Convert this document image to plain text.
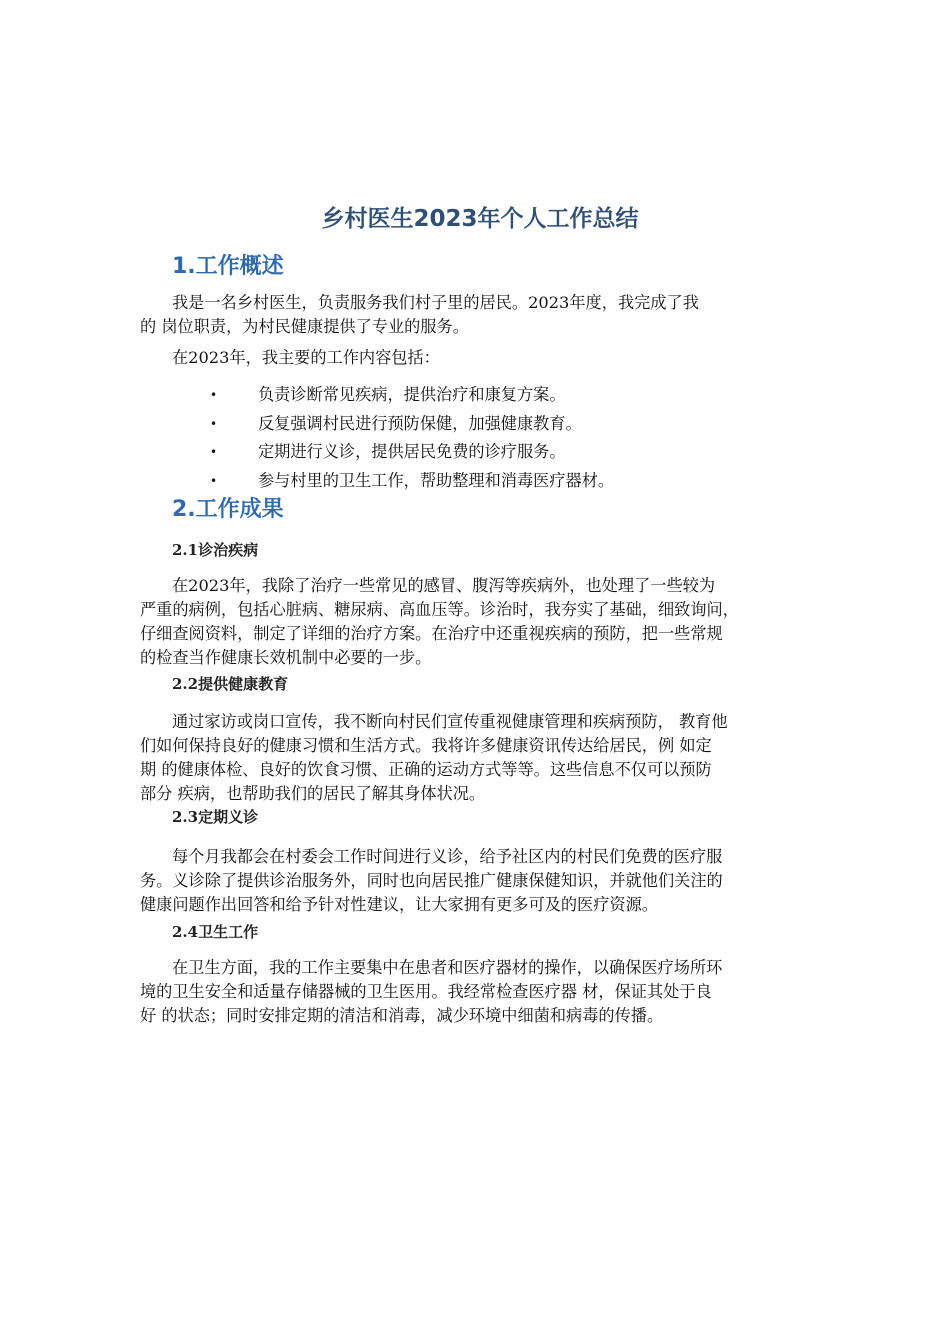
乡村医生2023年个人工作总结
1.工作概述

我是一名乡村医生，负责服务我们村子里的居民。2023年度，我完成了我
的 岗位职责，为村民健康提供了专业的服务。

在2023年，我主要的工作内容包括：

•	负责诊断常见疾病，提供治疗和康复方案。
•	反复强调村民进行预防保健，加强健康教育。
•	定期进行义诊，提供居民免费的诊疗服务。
•	参与村里的卫生工作，帮助整理和消毒医疗器材。
2.工作成果
2.1诊治疾病

在2023年，我除了治疗一些常见的感冒、腹泻等疾病外，也处理了一些较为
严重的病例，包括心脏病、糖尿病、高血压等。诊治时，我夯实了基础，细致询问，
仔细查阅资料，制定了详细的治疗方案。在治疗中还重视疾病的预防，把一些常规
的检查当作健康长效机制中必要的一步。

2.2提供健康教育

通过家访或岗口宣传，我不断向村民们宣传重视健康管理和疾病预防， 教育他
们如何保持良好的健康习惯和生活方式。我将许多健康资讯传达给居民，例 如定
期 的健康体检、良好的饮食习惯、正确的运动方式等等。这些信息不仅可以预防
部分 疾病，也帮助我们的居民了解其身体状况。

2.3定期义诊

每个月我都会在村委会工作时间进行义诊，给予社区内的村民们免费的医疗服
务。义诊除了提供诊治服务外，同时也向居民推广健康保健知识，并就他们关注的
健康问题作出回答和给予针对性建议，让大家拥有更多可及的医疗资源。

2.4卫生工作

在卫生方面，我的工作主要集中在患者和医疗器材的操作，以确保医疗场所环
境的卫生安全和适量存储器械的卫生医用。我经常检查医疗器 材，保证其处于良
好 的状态；同时安排定期的清洁和消毒，减少环境中细菌和病毒的传播。
